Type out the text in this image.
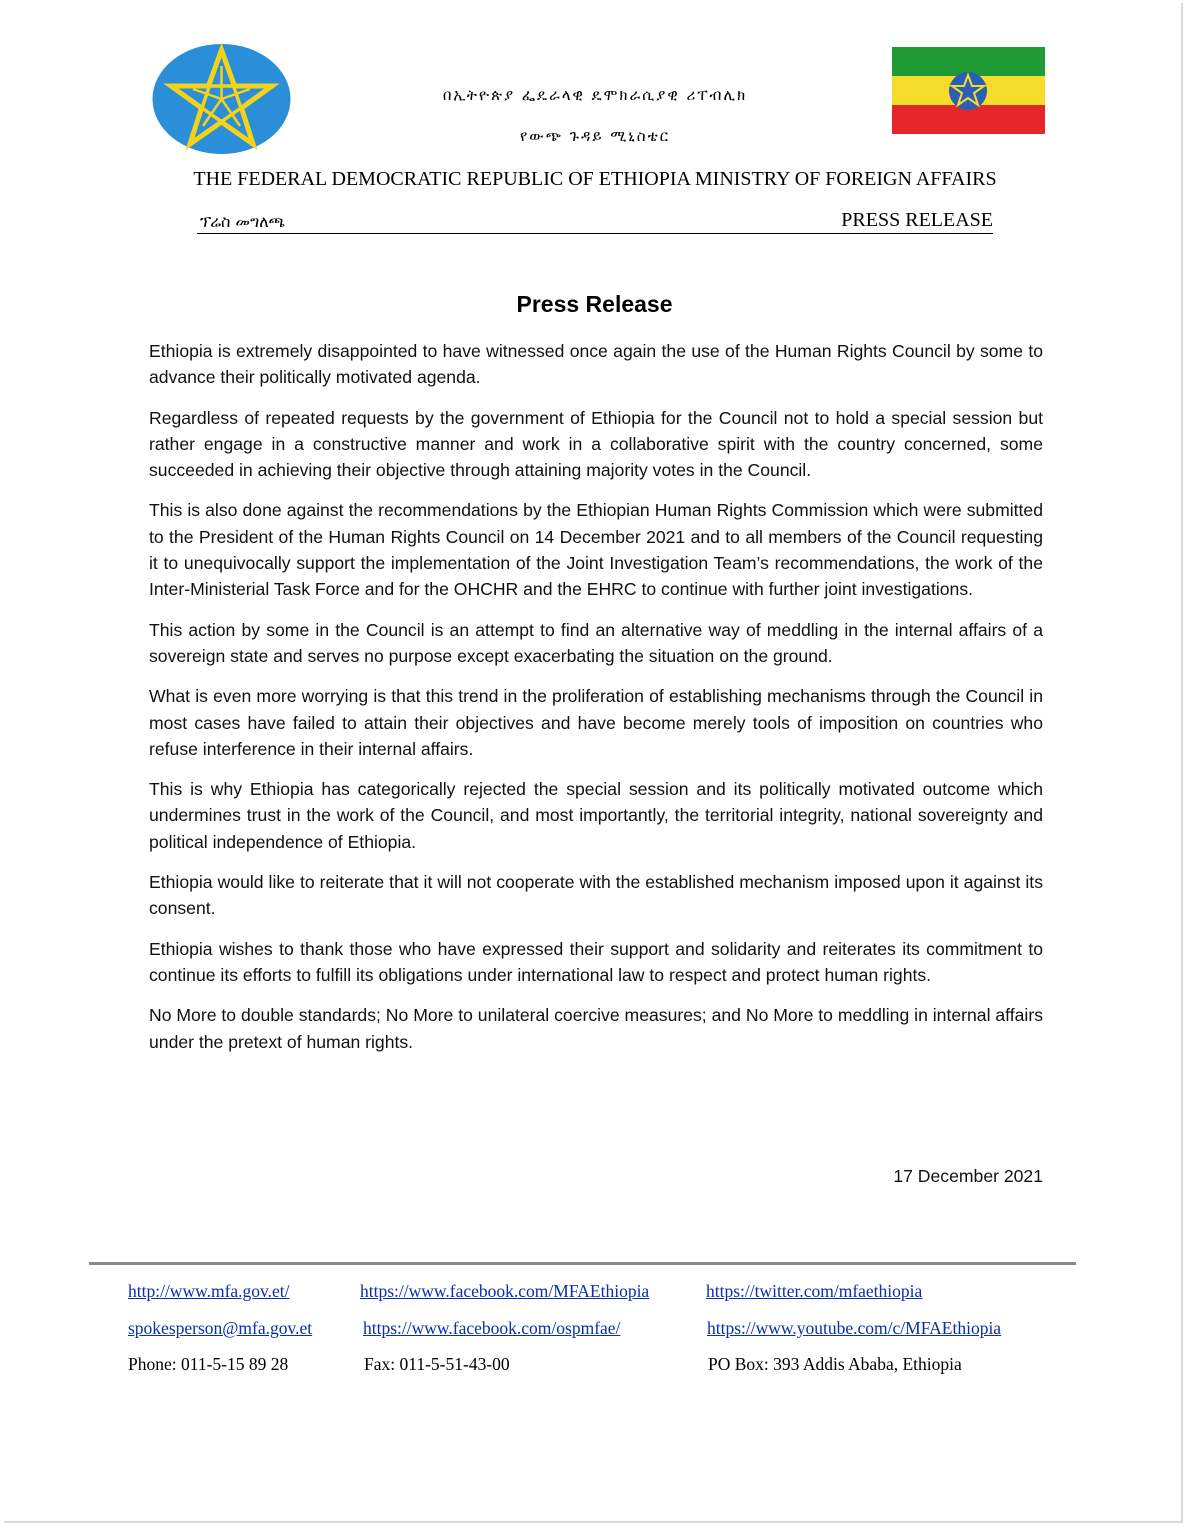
በኢትዮጵያ ፌዴራላዊ ዴሞክራሲያዊ ሪፐብሊክ
የውጭ ጉዳይ ሚኒስቴር
THE FEDERAL DEMOCRATIC REPUBLIC OF ETHIOPIA MINISTRY OF FOREIGN AFFAIRS
ፕሬስ መግለጫ	PRESS RELEASE
Press Release

Ethiopia is extremely disappointed to have witnessed once again the use of the Human Rights Council by some to advance their politically motivated agenda.

Regardless of repeated requests by the government of Ethiopia for the Council not to hold a special session but rather engage in a constructive manner and work in a collaborative spirit with the country concerned, some succeeded in achieving their objective through attaining majority votes in the Council.

This is also done against the recommendations by the Ethiopian Human Rights Commission which were submitted to the President of the Human Rights Council on 14 December 2021 and to all members of the Council requesting it to unequivocally support the implementation of the Joint Investigation Team’s recommendations, the work of the Inter-Ministerial Task Force and for the OHCHR and the EHRC to continue with further joint investigations.

This action by some in the Council is an attempt to find an alternative way of meddling in the internal affairs of a sovereign state and serves no purpose except exacerbating the situation on the ground.

What is even more worrying is that this trend in the proliferation of establishing mechanisms through the Council in most cases have failed to attain their objectives and have become merely tools of imposition on countries who refuse interference in their internal affairs.

This is why Ethiopia has categorically rejected the special session and its politically motivated outcome which undermines trust in the work of the Council, and most importantly, the territorial integrity, national sovereignty and political independence of Ethiopia.

Ethiopia would like to reiterate that it will not cooperate with the established mechanism imposed upon it against its consent.

Ethiopia wishes to thank those who have expressed their support and solidarity and reiterates its commitment to continue its efforts to fulfill its obligations under international law to respect and protect human rights.

No More to double standards; No More to unilateral coercive measures; and No More to meddling in internal affairs under the pretext of human rights.

17 December 2021
http://www.mfa.gov.et/	https://www.facebook.com/MFAEthiopia	https://twitter.com/mfaethiopia
spokesperson@mfa.gov.et	https://www.facebook.com/ospmfae/	https://www.youtube.com/c/MFAEthiopia
Phone: 011-5-15 89 28	Fax: 011-5-51-43-00	PO Box: 393 Addis Ababa, Ethiopia
